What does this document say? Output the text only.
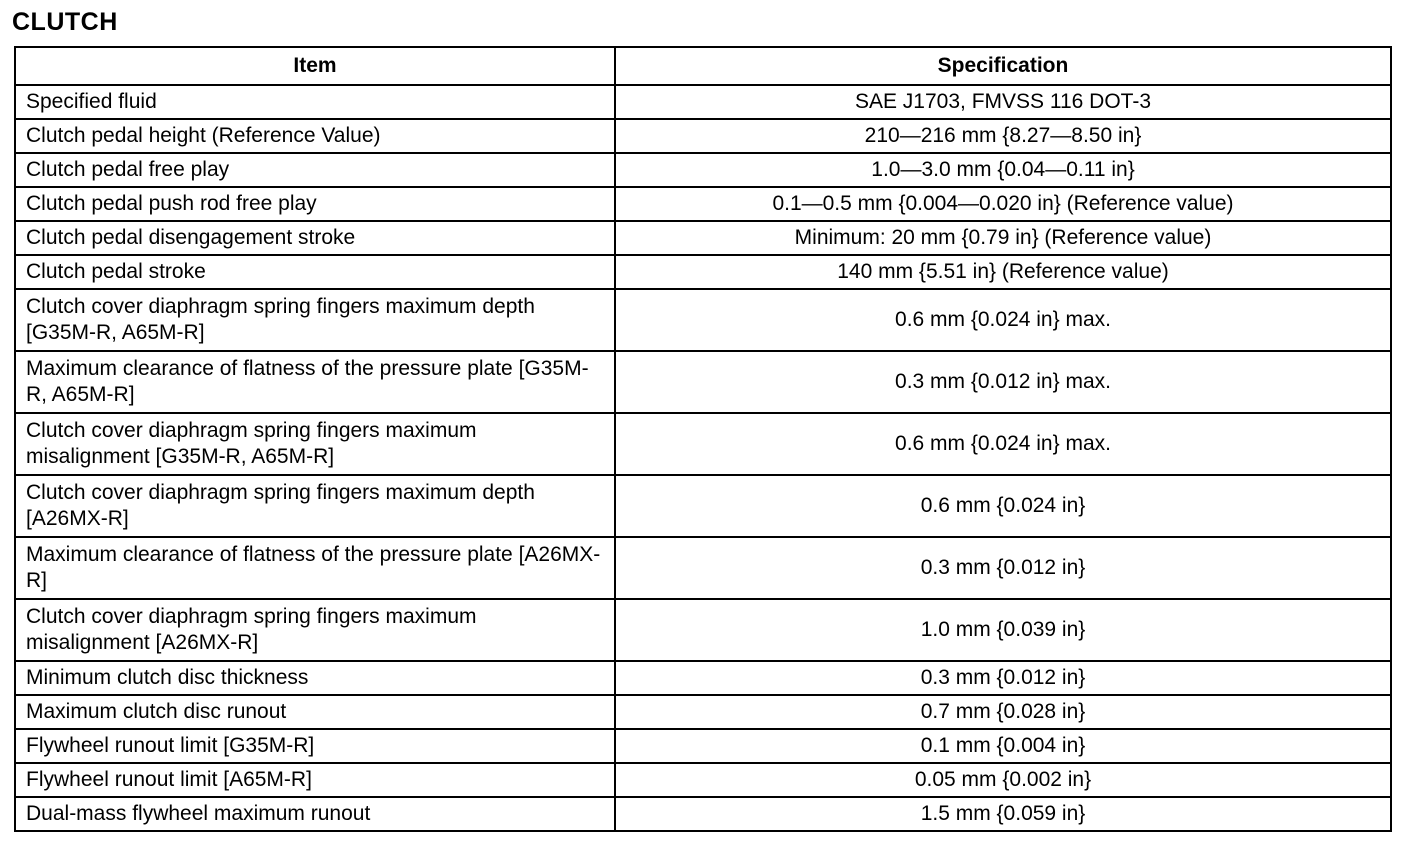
CLUTCH
Item	Specification
Specified fluid	SAE J1703, FMVSS 116 DOT-3
Clutch pedal height (Reference Value)	210—216 mm {8.27—8.50 in}
Clutch pedal free play	1.0—3.0 mm {0.04—0.11 in}
Clutch pedal push rod free play	0.1—0.5 mm {0.004—0.020 in} (Reference value)
Clutch pedal disengagement stroke	Minimum: 20 mm {0.79 in} (Reference value)
Clutch pedal stroke	140 mm {5.51 in} (Reference value)
Clutch cover diaphragm spring fingers maximum depth [G35M-R, A65M-R]	0.6 mm {0.024 in} max.
Maximum clearance of flatness of the pressure plate [G35M-R, A65M-R]	0.3 mm {0.012 in} max.
Clutch cover diaphragm spring fingers maximum misalignment [G35M-R, A65M-R]	0.6 mm {0.024 in} max.
Clutch cover diaphragm spring fingers maximum depth [A26MX-R]	0.6 mm {0.024 in}
Maximum clearance of flatness of the pressure plate [A26MX-R]	0.3 mm {0.012 in}
Clutch cover diaphragm spring fingers maximum misalignment [A26MX-R]	1.0 mm {0.039 in}
Minimum clutch disc thickness	0.3 mm {0.012 in}
Maximum clutch disc runout	0.7 mm {0.028 in}
Flywheel runout limit [G35M-R]	0.1 mm {0.004 in}
Flywheel runout limit [A65M-R]	0.05 mm {0.002 in}
Dual-mass flywheel maximum runout	1.5 mm {0.059 in}
